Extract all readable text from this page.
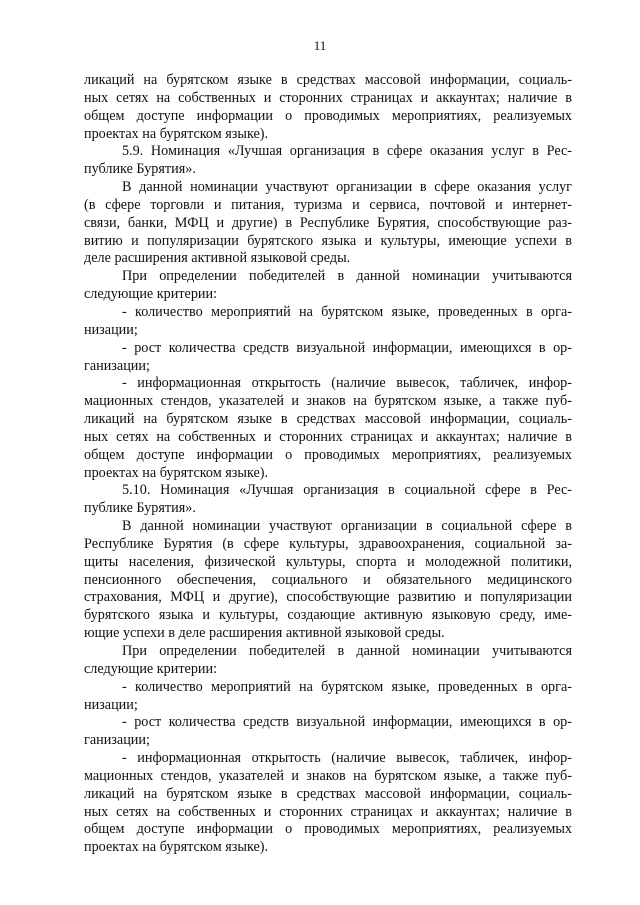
11
ликаций на бурятском языке в средствах массовой информации, социаль-
ных сетях на собственных и сторонних страницах и аккаунтах; наличие в
общем доступе информации о проводимых мероприятиях, реализуемых
проектах на бурятском языке).
5.9. Номинация «Лучшая организация в сфере оказания услуг в Рес-
публике Бурятия».
В данной номинации участвуют организации в сфере оказания услуг
(в сфере торговли и питания, туризма и сервиса, почтовой и интернет-
связи, банки, МФЦ и другие) в Республике Бурятия, способствующие раз-
витию и популяризации бурятского языка и культуры, имеющие успехи в
деле расширения активной языковой среды.
При определении победителей в данной номинации учитываются
следующие критерии:
- количество мероприятий на бурятском языке, проведенных в орга-
низации;
- рост количества средств визуальной информации, имеющихся в ор-
ганизации;
- информационная открытость (наличие вывесок, табличек, инфор-
мационных стендов, указателей и знаков на бурятском языке, а также пуб-
ликаций на бурятском языке в средствах массовой информации, социаль-
ных сетях на собственных и сторонних страницах и аккаунтах; наличие в
общем доступе информации о проводимых мероприятиях, реализуемых
проектах на бурятском языке).
5.10. Номинация «Лучшая организация в социальной сфере в Рес-
публике Бурятия».
В данной номинации участвуют организации в социальной сфере в
Республике Бурятия (в сфере культуры, здравоохранения, социальной за-
щиты населения, физической культуры, спорта и молодежной политики,
пенсионного обеспечения, социального и обязательного медицинского
страхования, МФЦ и другие), способствующие развитию и популяризации
бурятского языка и культуры, создающие активную языковую среду, име-
ющие успехи в деле расширения активной языковой среды.
При определении победителей в данной номинации учитываются
следующие критерии:
- количество мероприятий на бурятском языке, проведенных в орга-
низации;
- рост количества средств визуальной информации, имеющихся в ор-
ганизации;
- информационная открытость (наличие вывесок, табличек, инфор-
мационных стендов, указателей и знаков на бурятском языке, а также пуб-
ликаций на бурятском языке в средствах массовой информации, социаль-
ных сетях на собственных и сторонних страницах и аккаунтах; наличие в
общем доступе информации о проводимых мероприятиях, реализуемых
проектах на бурятском языке).
